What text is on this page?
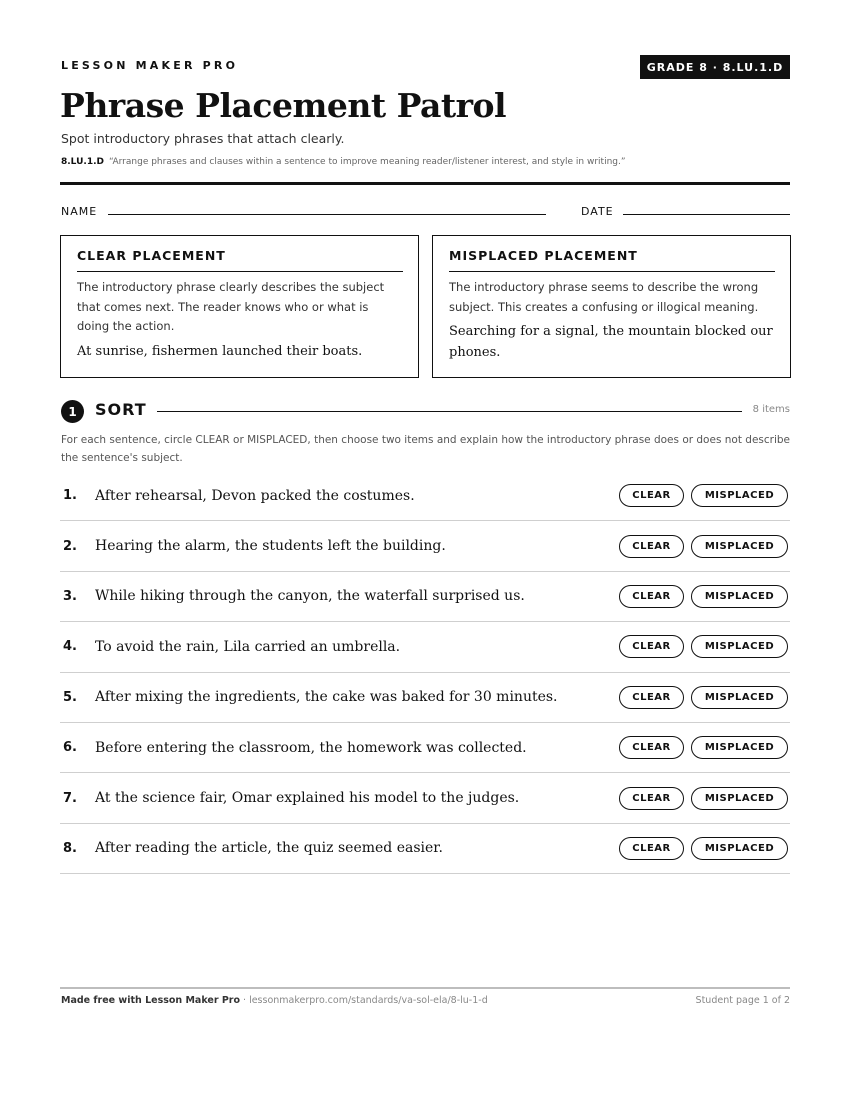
LESSON MAKER PRO	GRADE 8 · 8.LU.1.D
Phrase Placement Patrol
Spot introductory phrases that attach clearly.
8.LU.1.D “Arrange phrases and clauses within a sentence to improve meaning reader/listener interest, and style in writing.”
NAME	DATE
CLEAR PLACEMENT
The introductory phrase clearly describes the subject that comes next. The reader knows who or what is doing the action.
At sunrise, fishermen launched their boats.
MISPLACED PLACEMENT
The introductory phrase seems to describe the wrong subject. This creates a confusing or illogical meaning.
Searching for a signal, the mountain blocked our phones.
1	SORT	8 items
For each sentence, circle CLEAR or MISPLACED, then choose two items and explain how the introductory phrase does or does not describe the sentence's subject.
1.	After rehearsal, Devon packed the costumes.	CLEAR	MISPLACED
2.	Hearing the alarm, the students left the building.	CLEAR	MISPLACED
3.	While hiking through the canyon, the waterfall surprised us.	CLEAR	MISPLACED
4.	To avoid the rain, Lila carried an umbrella.	CLEAR	MISPLACED
5.	After mixing the ingredients, the cake was baked for 30 minutes.	CLEAR	MISPLACED
6.	Before entering the classroom, the homework was collected.	CLEAR	MISPLACED
7.	At the science fair, Omar explained his model to the judges.	CLEAR	MISPLACED
8.	After reading the article, the quiz seemed easier.	CLEAR	MISPLACED
Made free with Lesson Maker Pro · lessonmakerpro.com/standards/va-sol-ela/8-lu-1-d	Student page 1 of 2
